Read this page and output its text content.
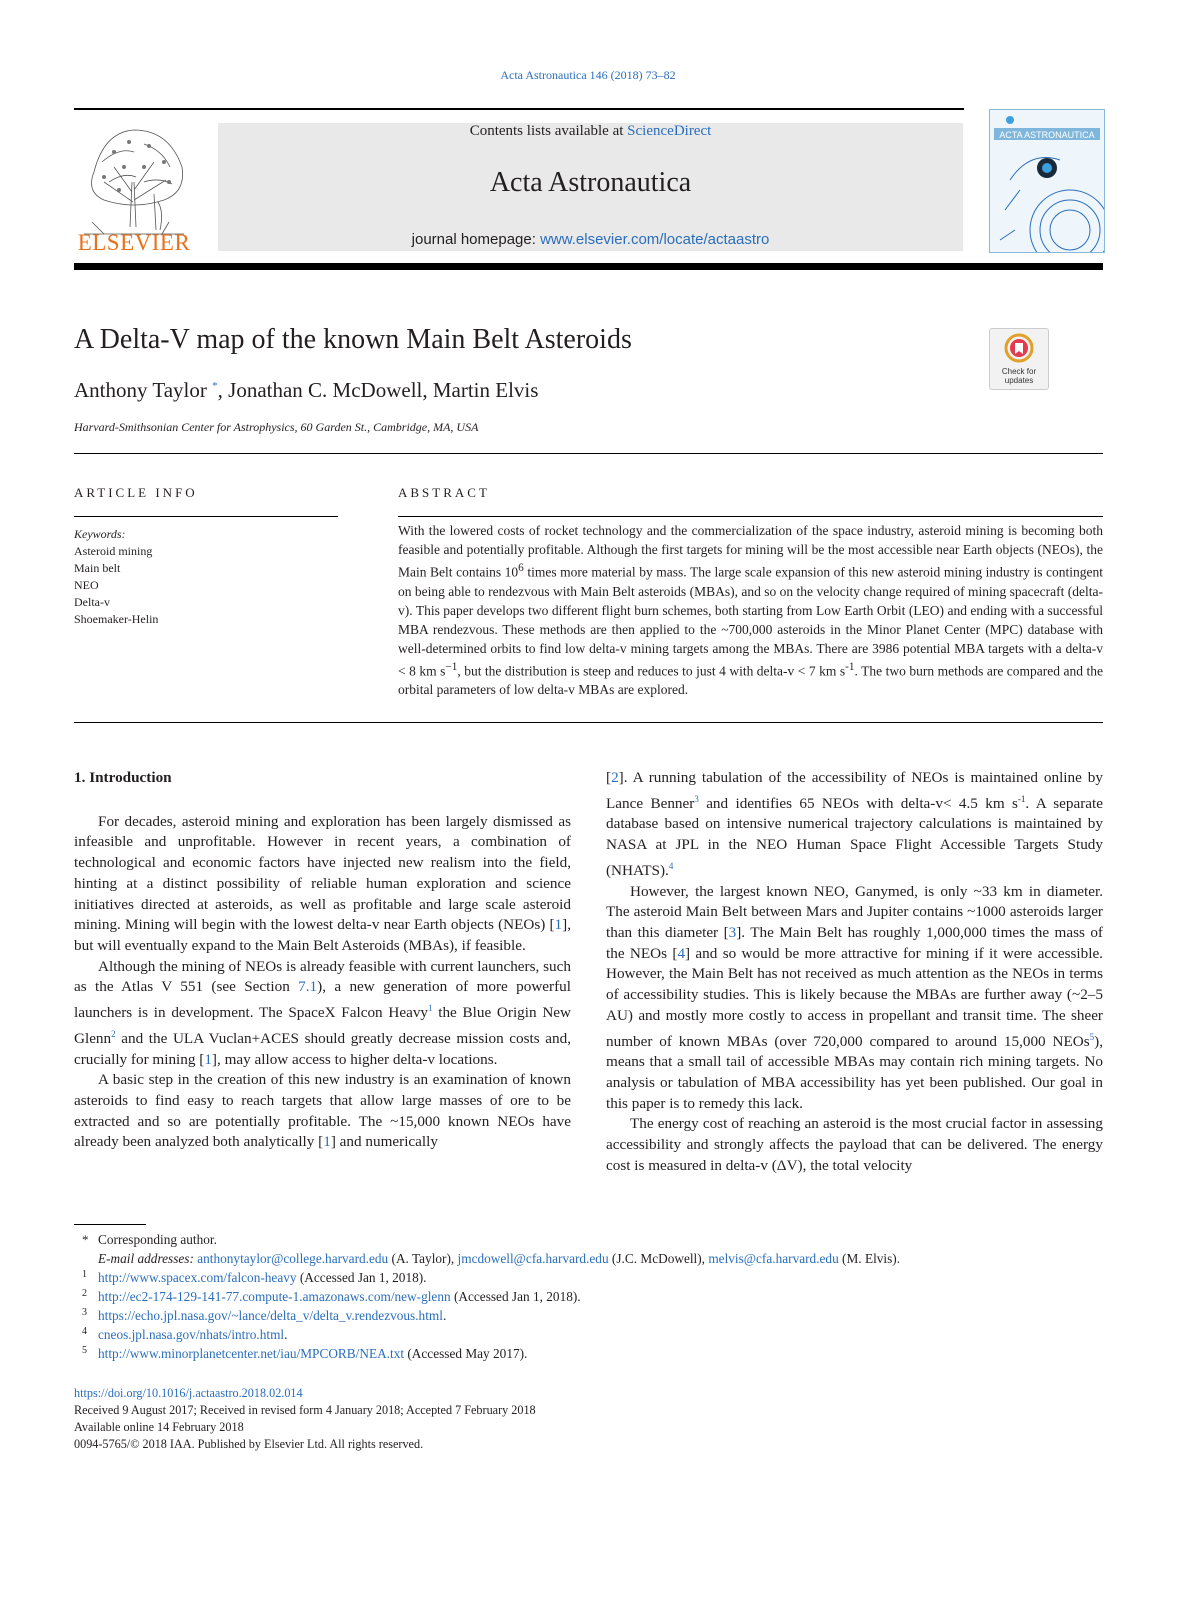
Acta Astronautica 146 (2018) 73–82
ELSEVIER
Contents lists available at ScienceDirect
Acta Astronautica
journal homepage: www.elsevier.com/locate/actaastro
ACTA ASTRONAUTICA
A Delta-V map of the known Main Belt Asteroids
Anthony Taylor *, Jonathan C. McDowell, Martin Elvis
Harvard-Smithsonian Center for Astrophysics, 60 Garden St., Cambridge, MA, USA
Check for
updates
ARTICLE INFO	ABSTRACT
Keywords:
Asteroid mining
Main belt
NEO
Delta-v
Shoemaker-Helin
With the lowered costs of rocket technology and the commercialization of the space industry, asteroid mining is becoming both feasible and potentially profitable. Although the first targets for mining will be the most accessible near Earth objects (NEOs), the Main Belt contains $10^6$ times more material by mass. The large scale expansion of this new asteroid mining industry is contingent on being able to rendezvous with Main Belt asteroids (MBAs), and so on the velocity change required of mining spacecraft (delta-v). This paper develops two different flight burn schemes, both starting from Low Earth Orbit (LEO) and ending with a successful MBA rendezvous. These methods are then applied to the ~700,000 asteroids in the Minor Planet Center (MPC) database with well-determined orbits to find low delta-v mining targets among the MBAs. There are 3986 potential MBA targets with a delta-v < 8 km $s^{-1}$, but the distribution is steep and reduces to just 4 with delta-v < 7 km $s^{-1}$. The two burn methods are compared and the orbital parameters of low delta-v MBAs are explored.
1. Introduction

For decades, asteroid mining and exploration has been largely dismissed as infeasible and unprofitable. However in recent years, a combination of technological and economic factors have injected new realism into the field, hinting at a distinct possibility of reliable human exploration and science initiatives directed at asteroids, as well as profitable and large scale asteroid mining. Mining will begin with the lowest delta-v near Earth objects (NEOs) [1], but will eventually expand to the Main Belt Asteroids (MBAs), if feasible.

Although the mining of NEOs is already feasible with current launchers, such as the Atlas V 551 (see Section 7.1), a new generation of more powerful launchers is in development. The SpaceX Falcon Heavy$^1$ the Blue Origin New Glenn$^2$ and the ULA Vuclan+ACES should greatly decrease mission costs and, crucially for mining [1], may allow access to higher delta-v locations.

A basic step in the creation of this new industry is an examination of known asteroids to find easy to reach targets that allow large masses of ore to be extracted and so are potentially profitable. The ~15,000 known NEOs have already been analyzed both analytically [1] and numerically

[2]. A running tabulation of the accessibility of NEOs is maintained online by Lance Benner$^3$ and identifies 65 NEOs with delta-v< 4.5 km $s^{-1}$. A separate database based on intensive numerical trajectory calculations is maintained by NASA at JPL in the NEO Human Space Flight Accessible Targets Study (NHATS).$^4$

However, the largest known NEO, Ganymed, is only ~33 km in diameter. The asteroid Main Belt between Mars and Jupiter contains ~1000 asteroids larger than this diameter [3]. The Main Belt has roughly 1,000,000 times the mass of the NEOs [4] and so would be more attractive for mining if it were accessible. However, the Main Belt has not received as much attention as the NEOs in terms of accessibility studies. This is likely because the MBAs are further away (~2–5 AU) and mostly more costly to access in propellant and transit time. The sheer number of known MBAs (over 720,000 compared to around 15,000 NEOs$^5$), means that a small tail of accessible MBAs may contain rich mining targets. No analysis or tabulation of MBA accessibility has yet been published. Our goal in this paper is to remedy this lack.

The energy cost of reaching an asteroid is the most crucial factor in assessing accessibility and strongly affects the payload that can be delivered. The energy cost is measured in delta-v (ΔV), the total velocity

* Corresponding author.
E-mail addresses: anthonytaylor@college.harvard.edu (A. Taylor), jmcdowell@cfa.harvard.edu (J.C. McDowell), melvis@cfa.harvard.edu (M. Elvis).
1 http://www.spacex.com/falcon-heavy (Accessed Jan 1, 2018).
2 http://ec2-174-129-141-77.compute-1.amazonaws.com/new-glenn (Accessed Jan 1, 2018).
3 https://echo.jpl.nasa.gov/~lance/delta_v/delta_v.rendezvous.html.
4 cneos.jpl.nasa.gov/nhats/intro.html.
5 http://www.minorplanetcenter.net/iau/MPCORB/NEA.txt (Accessed May 2017).
https://doi.org/10.1016/j.actaastro.2018.02.014
Received 9 August 2017; Received in revised form 4 January 2018; Accepted 7 February 2018
Available online 14 February 2018
0094-5765/© 2018 IAA. Published by Elsevier Ltd. All rights reserved.
